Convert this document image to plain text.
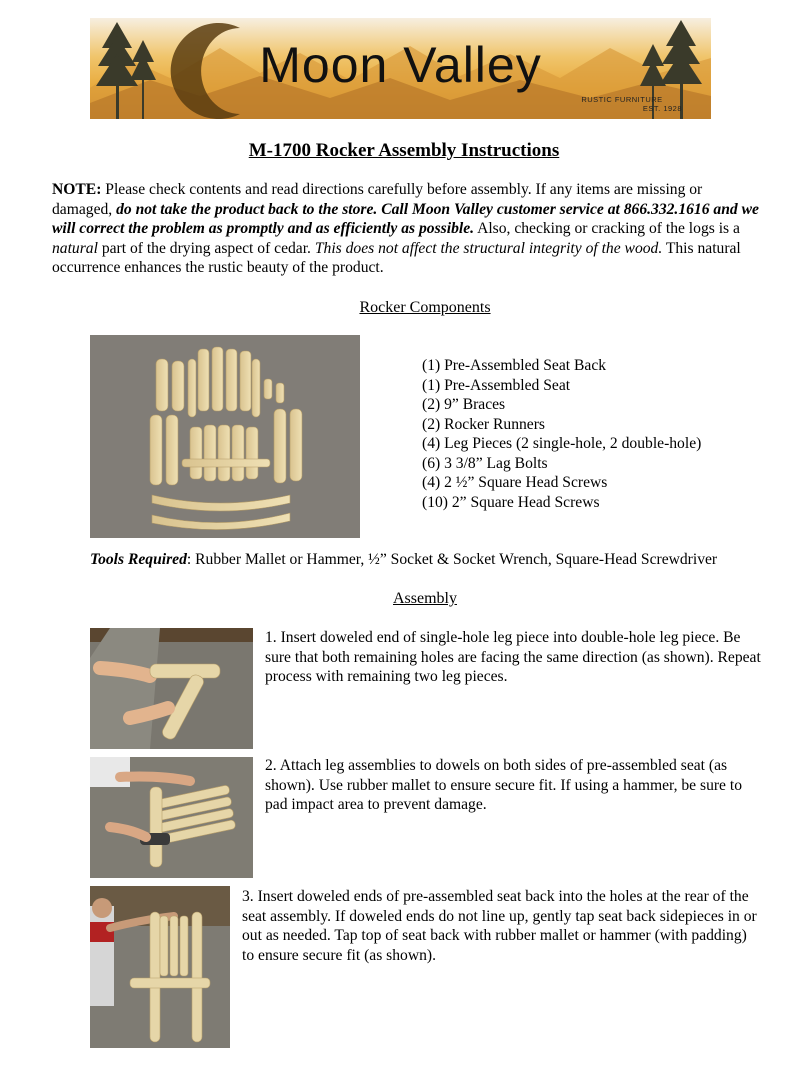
Moon Valley
RUSTIC FURNITURE
EST. 1928
M-1700 Rocker Assembly Instructions
NOTE: Please check contents and read directions carefully before assembly. If any items are missing or damaged, do not take the product back to the store. Call Moon Valley customer service at 866.332.1616 and we will correct the problem as promptly and as efficiently as possible. Also, checking or cracking of the logs is a natural part of the drying aspect of cedar. This does not affect the structural integrity of the wood. This natural occurrence enhances the rustic beauty of the product.
Rocker Components
(1) Pre-Assembled Seat Back
(1) Pre-Assembled Seat
(2) 9” Braces
(2) Rocker Runners
(4) Leg Pieces (2 single-hole, 2 double-hole)
(6) 3 3/8” Lag Bolts
(4) 2 ½” Square Head Screws
(10) 2” Square Head Screws
Tools Required: Rubber Mallet or Hammer, ½” Socket & Socket Wrench, Square-Head Screwdriver
Assembly
1. Insert doweled end of single-hole leg piece into double-hole leg piece. Be sure that both remaining holes are facing the same direction (as shown). Repeat process with remaining two leg pieces.
2. Attach leg assemblies to dowels on both sides of pre-assembled seat (as shown). Use rubber mallet to ensure secure fit. If using a hammer, be sure to pad impact area to prevent damage.
3. Insert doweled ends of pre-assembled seat back into the holes at the rear of the seat assembly. If doweled ends do not line up, gently tap seat back sidepieces in or out as needed. Tap top of seat back with rubber mallet or hammer (with padding) to ensure secure fit (as shown).
